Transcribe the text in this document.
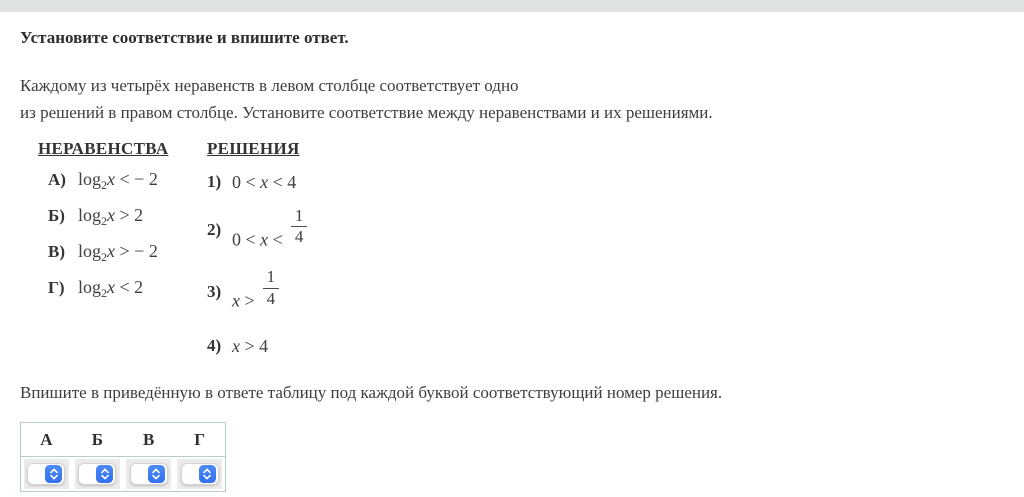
Установите соответствие и впишите ответ.

Каждому из четырёх неравенств в левом столбце соответствует одно
из решений в правом столбце. Установите соответствие между неравенствами и их решениями.

НЕРАВЕНСТВА
А) $\log_2x$ < − 2
Б) $\log_2x > 2$
В) $\log_2x$ > − 2
Г) $\log_2x < 2$
РЕШЕНИЯ
1) 0 < x < 4
2) $0 < x < \frac{1}{4}$
3) $x > \frac{1}{4}$
4) x > 4

Впишите в приведённую в ответе таблицу под каждой буквой соответствующий номер решения.

А	Б	В	Г
